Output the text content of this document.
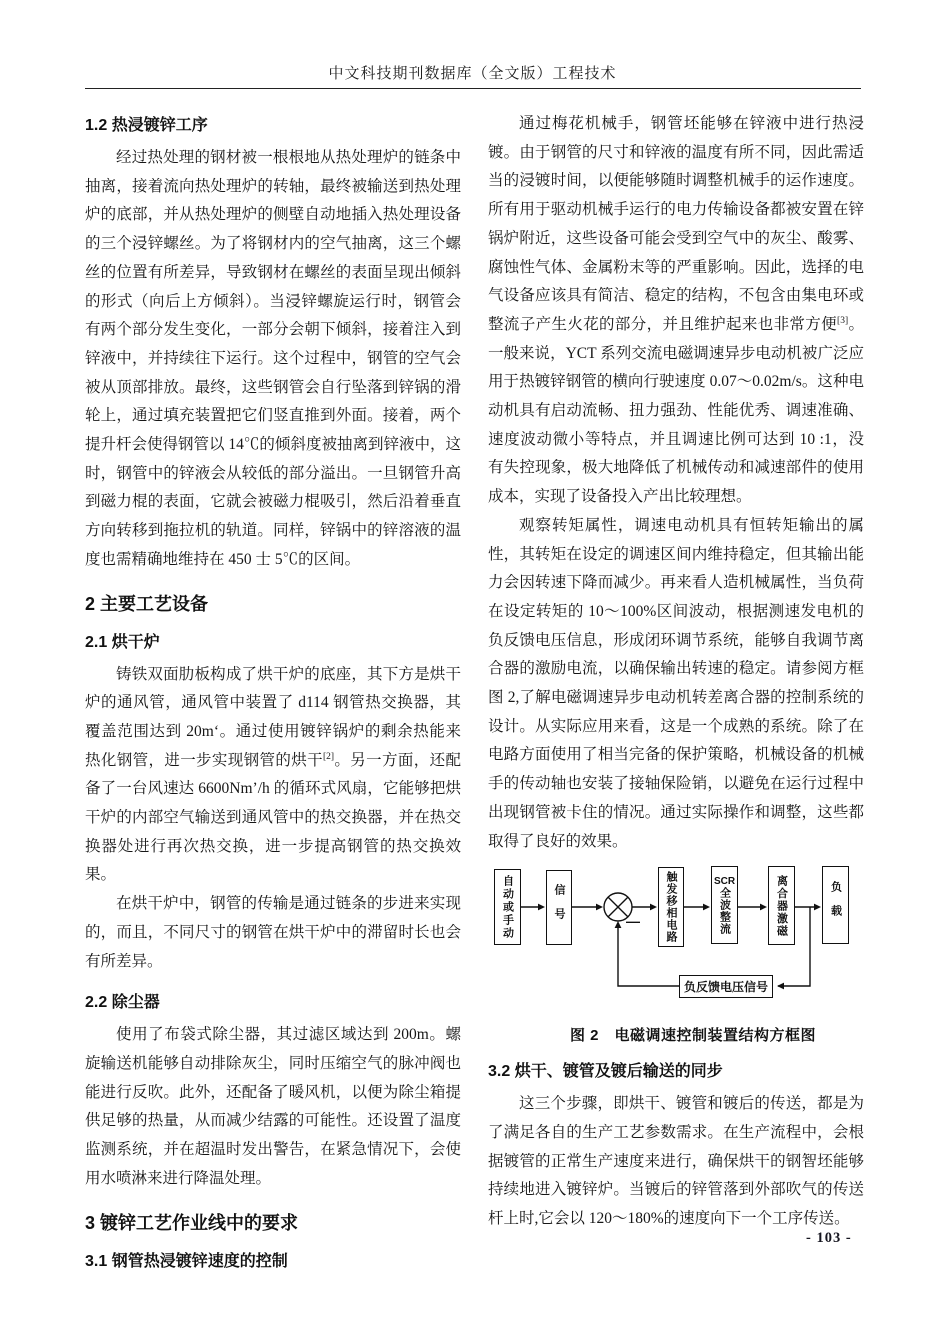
中文科技期刊数据库（全文版）工程技术
1.2 热浸镀锌工序

经过热处理的钢材被一根根地从热处理炉的链条中抽离，接着流向热处理炉的转轴，最终被输送到热处理炉的底部，并从热处理炉的侧壁自动地插入热处理设备的三个浸锌螺丝。为了将钢材内的空气抽离，这三个螺丝的位置有所差异，导致钢材在螺丝的表面呈现出倾斜的形式（向后上方倾斜）。当浸锌螺旋运行时，钢管会有两个部分发生变化，一部分会朝下倾斜，接着注入到锌液中，并持续往下运行。这个过程中，钢管的空气会被从顶部排放。最终，这些钢管会自行坠落到锌锅的滑轮上，通过填充装置把它们竖直推到外面。接着，两个提升杆会使得钢管以 14℃的倾斜度被抽离到锌液中，这时，钢管中的锌液会从较低的部分溢出。一旦钢管升高到磁力棍的表面，它就会被磁力棍吸引，然后沿着垂直方向转移到拖拉机的轨道。同样，锌锅中的锌溶液的温度也需精确地维持在 450 士 5℃的区间。

2 主要工艺设备
2.1 烘干炉

铸铁双面肋板构成了烘干炉的底座，其下方是烘干炉的通风管，通风管中装置了 d114 钢管热交换器，其覆盖范围达到 20m‘。通过使用镀锌锅炉的剩余热能来热化钢管，进一步实现钢管的烘干[2]。另一方面，还配备了一台风速达 6600Nm’/h 的循环式风扇，它能够把烘干炉的内部空气输送到通风管中的热交换器，并在热交换器处进行再次热交换，进一步提高钢管的热交换效果。

在烘干炉中，钢管的传输是通过链条的步进来实现的，而且，不同尺寸的钢管在烘干炉中的滞留时长也会有所差异。

2.2 除尘器

使用了布袋式除尘器，其过滤区域达到 200m。螺旋输送机能够自动排除灰尘，同时压缩空气的脉冲阀也能进行反吹。此外，还配备了暖风机，以便为除尘箱提供足够的热量，从而减少结露的可能性。还设置了温度监测系统，并在超温时发出警告，在紧急情况下，会使用水喷淋来进行降温处理。

3 镀锌工艺作业线中的要求
3.1 钢管热浸镀锌速度的控制

通过梅花机械手，钢管坯能够在锌液中进行热浸镀。由于钢管的尺寸和锌液的温度有所不同，因此需适当的浸镀时间，以便能够随时调整机械手的运作速度。所有用于驱动机械手运行的电力传输设备都被安置在锌锅炉附近，这些设备可能会受到空气中的灰尘、酸雾、腐蚀性气体、金属粉末等的严重影响。因此，选择的电气设备应该具有简洁、稳定的结构，不包含由集电环或整流子产生火花的部分，并且维护起来也非常方便[3]。一般来说，YCT 系列交流电磁调速异步电动机被广泛应用于热镀锌钢管的横向行驶速度 0.07～0.02m/s。这种电动机具有启动流畅、扭力强劲、性能优秀、调速准确、速度波动微小等特点，并且调速比例可达到 10 :1，没有失控现象，极大地降低了机械传动和减速部件的使用成本，实现了设备投入产出比较理想。

观察转矩属性，调速电动机具有恒转矩输出的属性，其转矩在设定的调速区间内维持稳定，但其输出能力会因转速下降而减少。再来看人造机械属性，当负荷在设定转矩的 10～100%区间波动，根据测速发电机的负反馈电压信息，形成闭环调节系统，能够自我调节离合器的激励电流，以确保输出转速的稳定。请参阅方框图 2,了解电磁调速异步电动机转差离合器的控制系统的设计。从实际应用来看，这是一个成熟的系统。除了在电路方面使用了相当完备的保护策略，机械设备的机械手的传动轴也安装了接轴保险销，以避免在运行过程中出现钢管被卡住的情况。通过实际操作和调整，这些都取得了良好的效果。

自动或手动	信号	— 触发移相电路	SCR
全波整流	离合器激磁	负载
负反馈电压信号
图 2　电磁调速控制装置结构方框图
3.2 烘干、镀管及镀后输送的同步

这三个步骤，即烘干、镀管和镀后的传送，都是为了满足各自的生产工艺参数需求。在生产流程中，会根据镀管的正常生产速度来进行，确保烘干的钢智坯能够持续地进入镀锌炉。当镀后的锌管落到外部吹气的传送杆上时,它会以 120～180%的速度向下一个工序传送。

- 103 -
